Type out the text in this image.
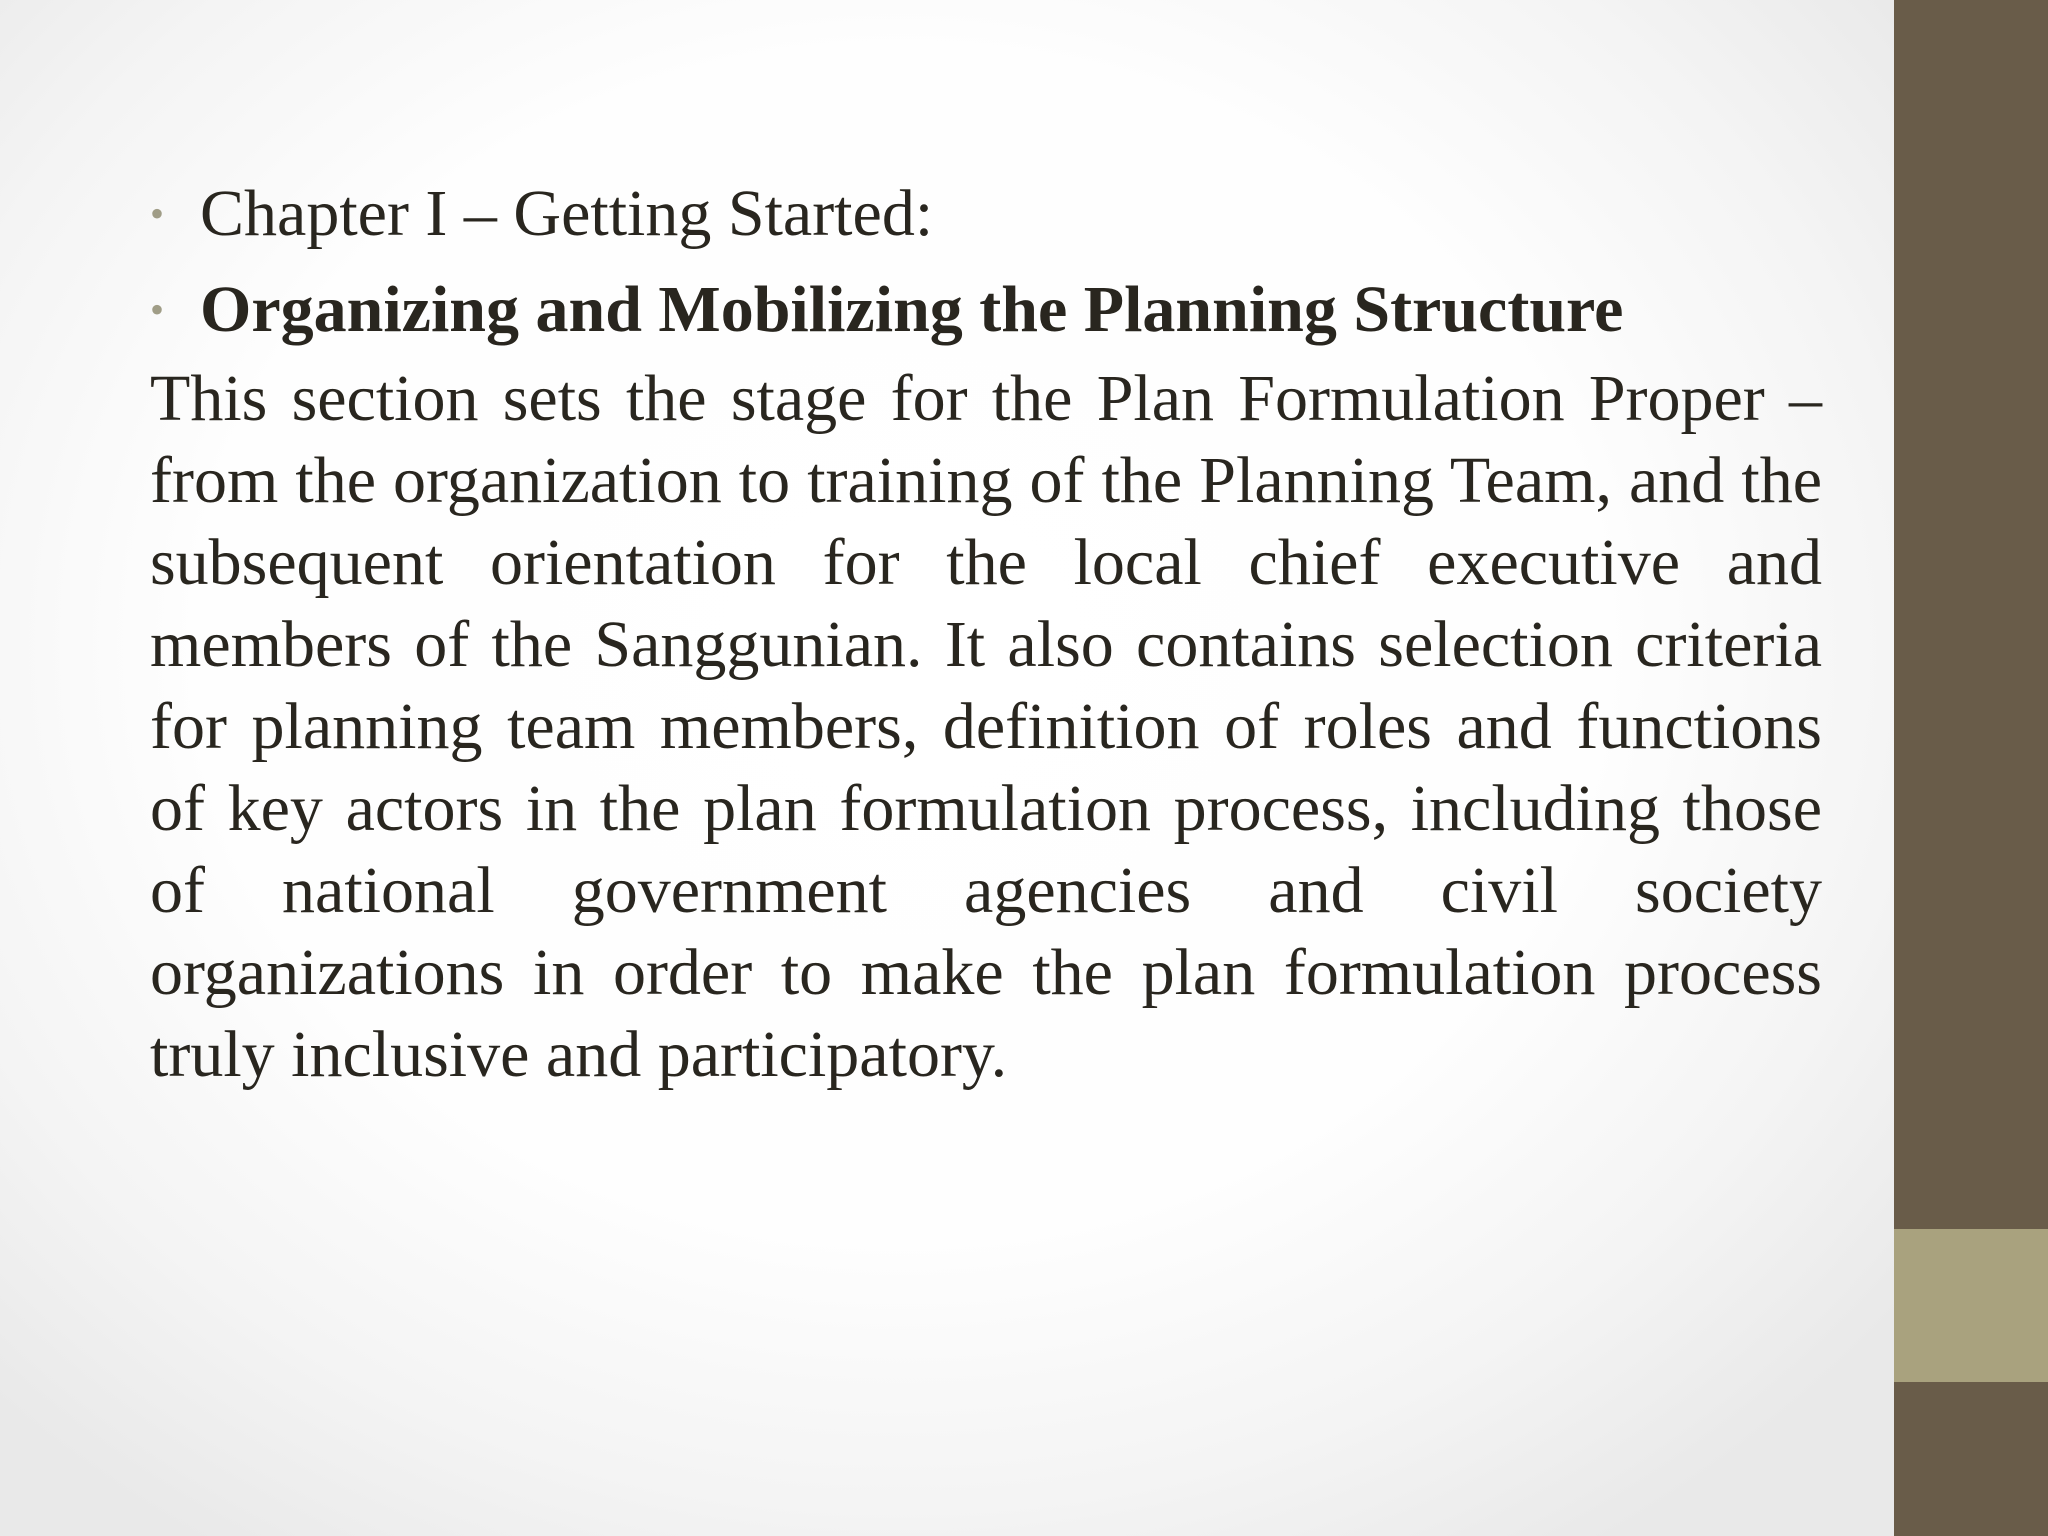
• Chapter I – Getting Started:
• Organizing and Mobilizing the Planning Structure

This section sets the stage for the Plan Formulation Proper – from the organization to training of the Planning Team, and the subsequent orientation for the local chief executive and members of the Sanggunian. It also contains selection criteria for planning team members, definition of roles and functions of key actors in the plan formulation process, including those of national government agencies and civil society organizations in order to make the plan formulation process truly inclusive and participatory.
